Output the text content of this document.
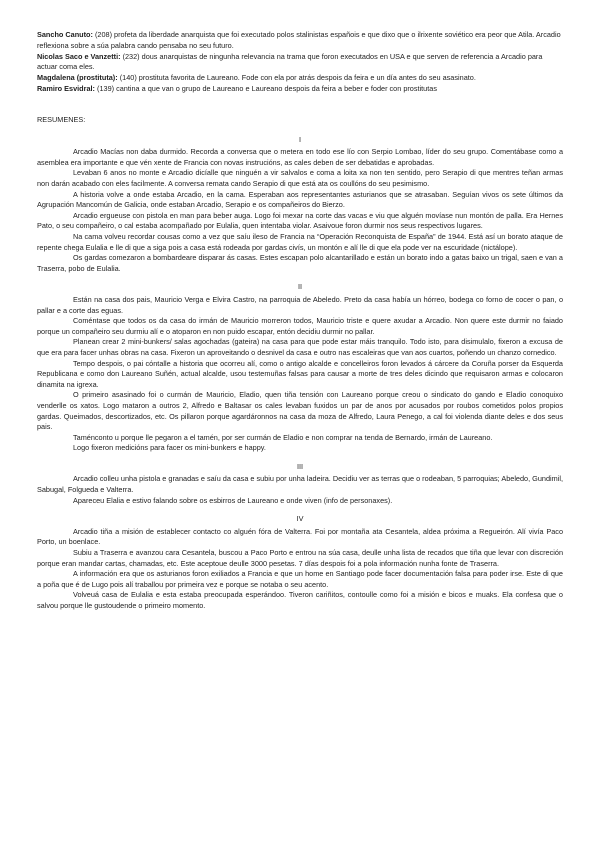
Sancho Canuto: (208) profeta da liberdade anarquista que foi executado polos stalinistas españois e que dixo que o ilrixente soviético era peor que Atila. Arcadio reflexiona sobre a súa palabra cando pensaba no seu futuro.

Nicolas Saco e Vanzetti: (232) dous anarquistas de ningunha relevancia na trama que foron executados en USA e que serven de referencia a Arcadio para actuar coma eles.

Magdalena (prostituta): (140) prostituta favorita de Laureano. Fode con ela por atrás despois da feira e un día antes do seu asasinato.

Ramiro Esvidral: (139) cantina a que van o grupo de Laureano e Laureano despois da feira a beber e foder con prostitutas

RESUMENES:
I

Arcadio Macías non daba durmido. Recorda a conversa que o metera en todo ese lío con Serpio Lombao, líder do seu grupo. Comentábase como a asemblea era importante e que vén xente de Francia con novas instrucións, as cales deben de ser debatidas e aprobadas.

Levaban 6 anos no monte e Arcadio dicíalle que ninguén a vir salvalos e coma a loita xa non ten sentido, pero Serapio di que mentres teñan armas non darán acabado con eles facilmente. A conversa remata cando Serapio di que está ata os coullóns do seu pesimismo.

A historia volve a onde estaba Arcadio, en la cama. Esperaban aos representantes asturianos que se atrasaban. Seguían vivos os sete últimos da Agrupación Mancomún de Galicia, onde estaban Arcadio, Serapio e os compañeiros do Bierzo.

Arcadio ergueuse con pistola en man para beber auga. Logo foi mexar na corte das vacas e viu que alguén movíase nun montón de palla. Era Hernes Pato, o seu compañeiro, o cal estaba acompañado por Eulalia, quen intentaba violar. Asaivoue foron durmir nos seus respectivos lugares.

Na cama volveu recordar cousas como a vez que saíu ileso de Francia na “Operación Reconquista de España” de 1944. Está así un borato ataque de repente chega Eulalia e lle di que a siga pois a casa está rodeada por gardas civís, un montón e alí lle di que ela pode ver na escuridade (nictálope).

Os gardas comezaron a bombardeare disparar ás casas. Estes escapan polo alcantarillado e están un borato indo a gatas baixo un trigal, saen e van a Traserra, pobo de Eulalia.

II

Están na casa dos pais, Mauricio Verga e Elvira Castro, na parroquia de Abeledo. Preto da casa había un hórreo, bodega co forno de cocer o pan, o pallar e a corte das eguas.

Coméntase que todos os da casa do irmán de Mauricio morreron todos, Mauricio triste e quere axudar a Arcadio. Non quere este durmir no faiado porque un compañeiro seu durmiu alí e o atoparon en non puido escapar, entón decidiu durmir no pallar.

Planean crear 2 mini-bunkers/ salas agochadas (gateira) na casa para que pode estar máis tranquilo. Todo isto, para disimulalo, fixeron a excusa de que era para facer unhas obras na casa. Fixeron un aproveitando o desnivel da casa e outro nas escaleiras que van aos cuartos, poñendo un chanzo cornedico.

Tempo despois, o pai cóntalle a historia que ocorreu alí, como o antigo alcalde e concelleiros foron levados á cárcere da Coruña porser da Esquerda Republicana e como don Laureano Suñén, actual alcalde, usou testemuñas falsas para causar a morte de tres deles dicindo que requisaron armas e colocaron dinamita na igrexa.

O primeiro asasinado foi o curmán de Mauricio, Eladio, quen tiña tensión con Laureano porque creou o sindicato do gando e Eladio conoquixo venderlle os xatos. Logo mataron a outros 2, Alfredo e Baltasar os cales levaban fuxidos un par de anos por acusados por roubos cometidos polos propios gardas. Queimados, descortizados, etc. Os pillaron porque agardáronnos na casa da moza de Alfredo, Laura Penego, a cal foi violenda diante deles e dos seus pais.

Taménconto u porque lle pegaron a el tamén, por ser curmán de Eladio e non comprar na tenda de Bernardo, irmán de Laureano.

Logo fixeron medicións para facer os mini-bunkers e happy.

III

Arcadio colleu unha pistola e granadas e saíu da casa e subiu por unha ladeira. Decidiu ver as terras que o rodeaban, 5 parroquias; Abeledo, Gundimil, Sabugal, Folgueda e Valterra.

Apareceu Elalia e estivo falando sobre os esbirros de Laureano e onde viven (info de personaxes).

IV

Arcadio tiña a misión de establecer contacto co alguén fóra de Valterra. Foi por montaña ata Cesantela, aldea próxima a Regueirón. Alí vivía Paco Porto, un boenlace.

Subiu a Traserra e avanzou cara Cesantela, buscou a Paco Porto e entrou na súa casa, deulle unha lista de recados que tiña que levar con discreción porque eran mandar cartas, chamadas, etc. Este aceptoue deulle 3000 pesetas. 7 días despois foi a pola información nunha fonte de Traserra.

A información era que os asturianos foron exiliados a Francia e que un home en Santiago pode facer documentación falsa para poder irse. Este di que a poña que é de Lugo pois alí traballou por primeira vez e porque se notaba o seu acento.

Volveuá casa de Eulalia e esta estaba preocupada esperándoo. Tiveron cariñitos, contoulle como foi a misión e bicos e muaks. Ela confesa que o salvou porque lle gustoudende o primeiro momento.
